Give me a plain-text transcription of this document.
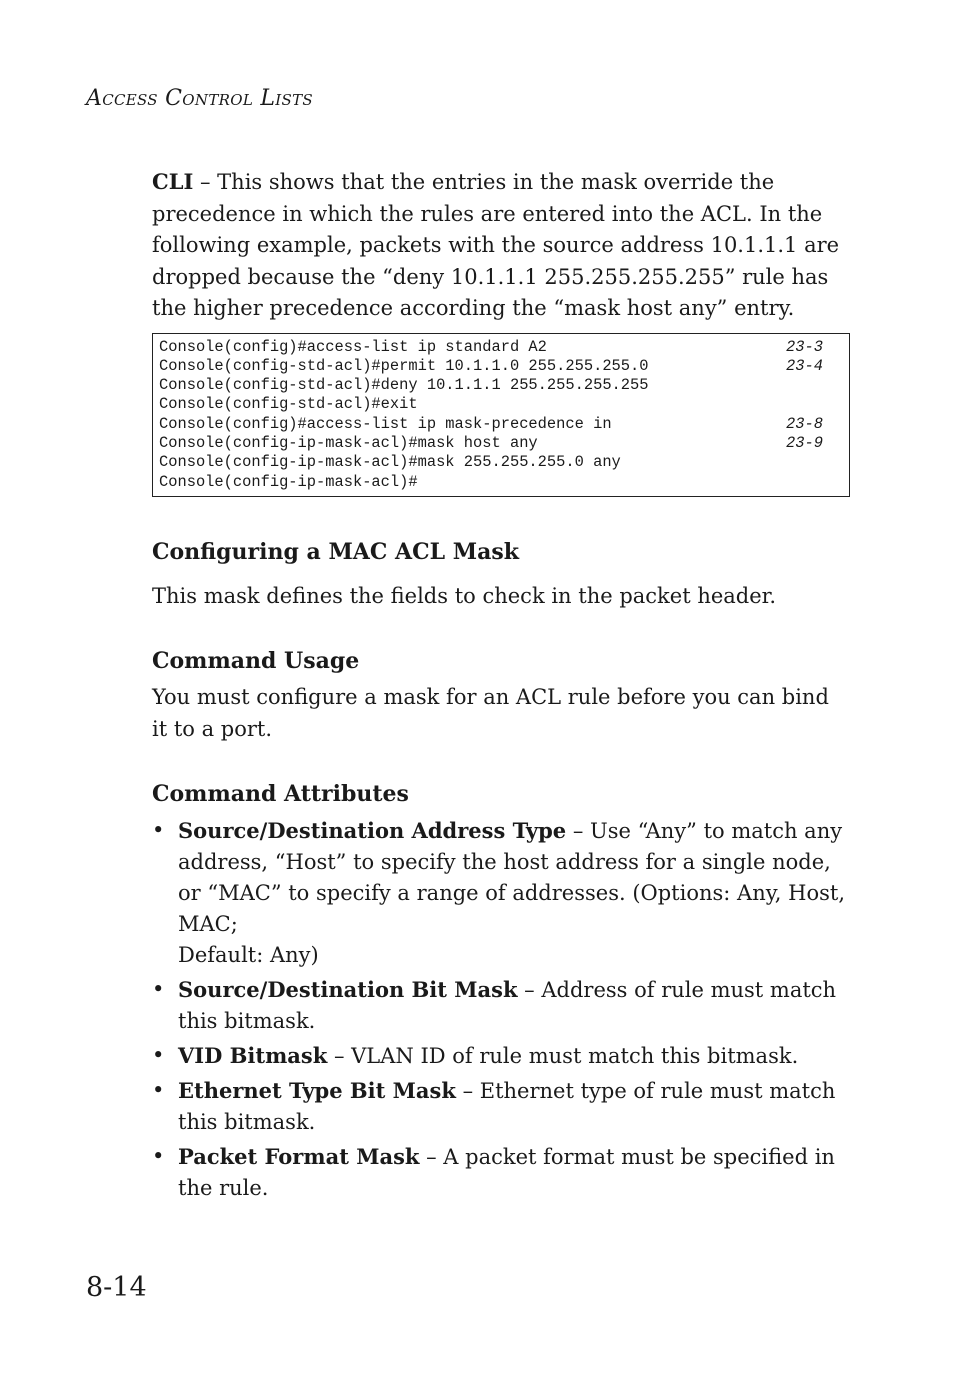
Access Control Lists

CLI – This shows that the entries in the mask override the precedence in which the rules are entered into the ACL. In the following example, packets with the source address 10.1.1.1 are dropped because the “deny 10.1.1.1 255.255.255.255” rule has the higher precedence according the “mask host any” entry.

Console(config)#access-list ip standard A2	23-3
Console(config-std-acl)#permit 10.1.1.0 255.255.255.0	23-4
Console(config-std-acl)#deny 10.1.1.1 255.255.255.255
Console(config-std-acl)#exit
Console(config)#access-list ip mask-precedence in	23-8
Console(config-ip-mask-acl)#mask host any	23-9
Console(config-ip-mask-acl)#mask 255.255.255.0 any
Console(config-ip-mask-acl)#
Configuring a MAC ACL Mask

This mask defines the fields to check in the packet header.

Command Usage

You must configure a mask for an ACL rule before you can bind it to a port.

Command Attributes
• Source/Destination Address Type – Use “Any” to match any address, “Host” to specify the host address for a single node, or “MAC” to specify a range of addresses. (Options: Any, Host, MAC;
Default: Any)
• Source/Destination Bit Mask – Address of rule must match this bitmask.
• VID Bitmask – VLAN ID of rule must match this bitmask.
• Ethernet Type Bit Mask – Ethernet type of rule must match this bitmask.
• Packet Format Mask – A packet format must be specified in the rule.
8-14
